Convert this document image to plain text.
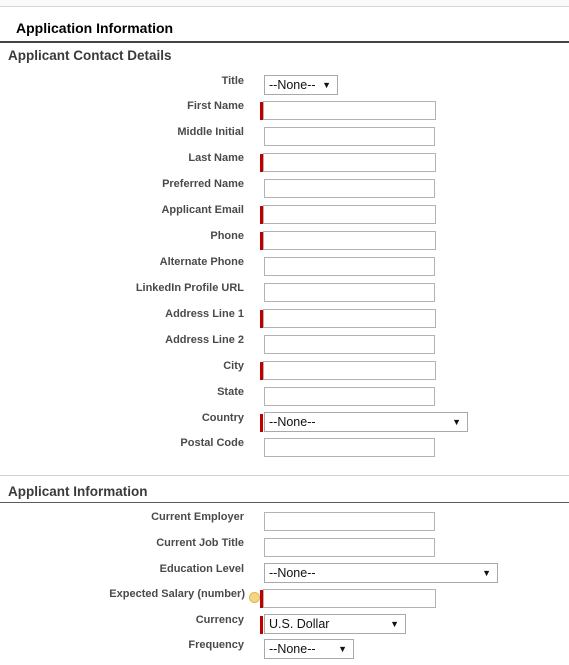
Application Information
Applicant Contact Details
Title	--None-- ▼
First Name
Middle Initial
Last Name
Preferred Name
Applicant Email
Phone
Alternate Phone
LinkedIn Profile URL
Address Line 1
Address Line 2
City
State
Country	--None--	▼
Postal Code
Applicant Information
Current Employer
Current Job Title
Education Level	--None--	▼
Expected Salary (number)
Currency	U.S. Dollar	▼
Frequency	--None--	▼
